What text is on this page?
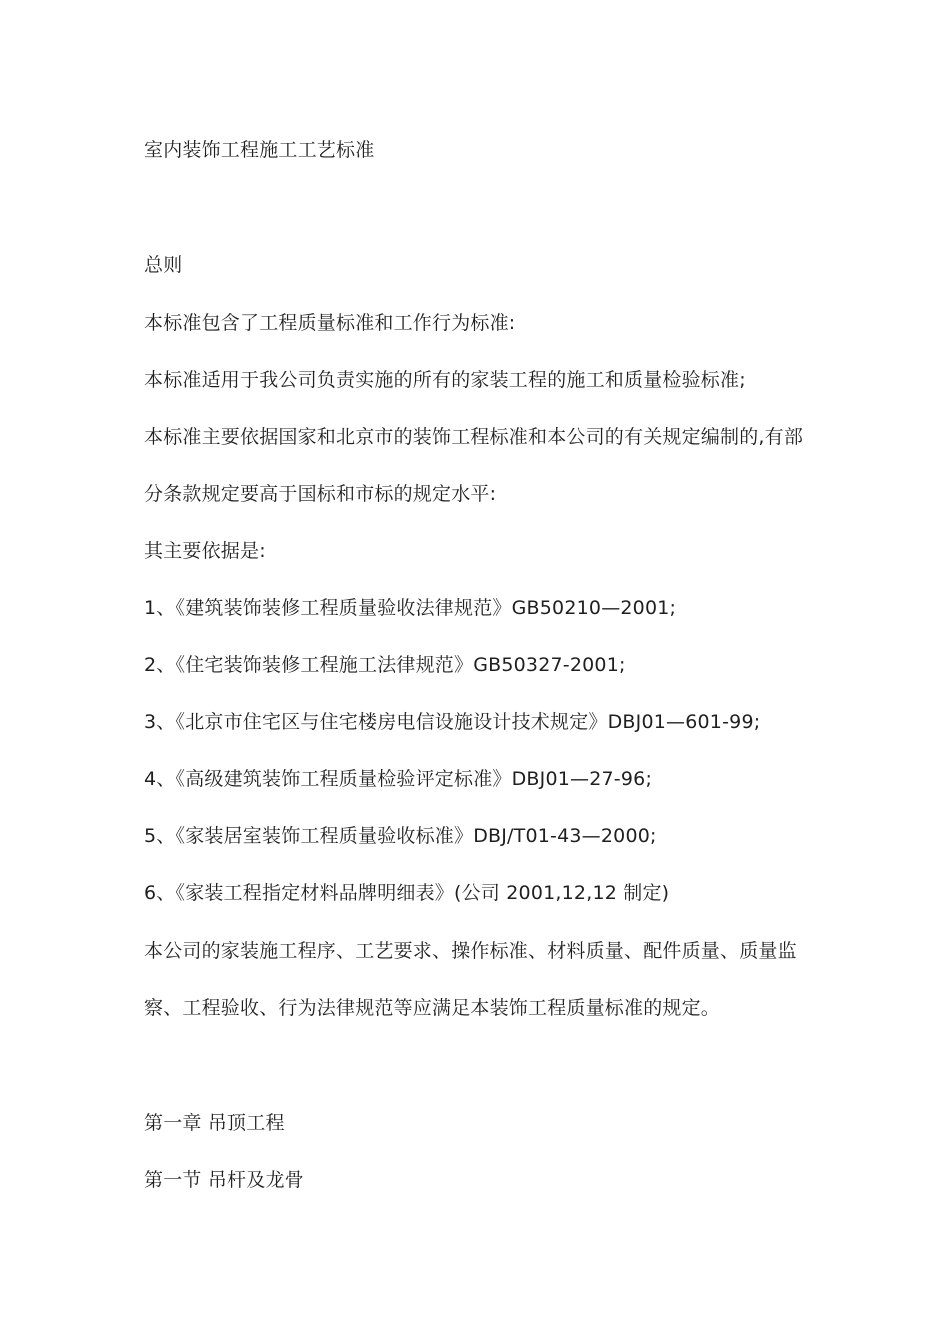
室内装饰工程施工工艺标准
总则
本标准包含了工程质量标准和工作行为标准:
本标准适用于我公司负责实施的所有的家装工程的施工和质量检验标准;
本标准主要依据国家和北京市的装饰工程标准和本公司的有关规定编制的,有部
分条款规定要高于国标和市标的规定水平:
其主要依据是:
1、《建筑装饰装修工程质量验收法律规范》GB50210—2001;
2、《住宅装饰装修工程施工法律规范》GB50327-2001;
3、《北京市住宅区与住宅楼房电信设施设计技术规定》DBJ01—601-99;
4、《高级建筑装饰工程质量检验评定标准》DBJ01—27-96;
5、《家装居室装饰工程质量验收标准》DBJ/T01-43—2000;
6、《家装工程指定材料品牌明细表》(公司 2001,12,12 制定)
本公司的家装施工程序、工艺要求、操作标准、材料质量、配件质量、质量监
察、工程验收、行为法律规范等应满足本装饰工程质量标准的规定。
第一章 吊顶工程
第一节 吊杆及龙骨
